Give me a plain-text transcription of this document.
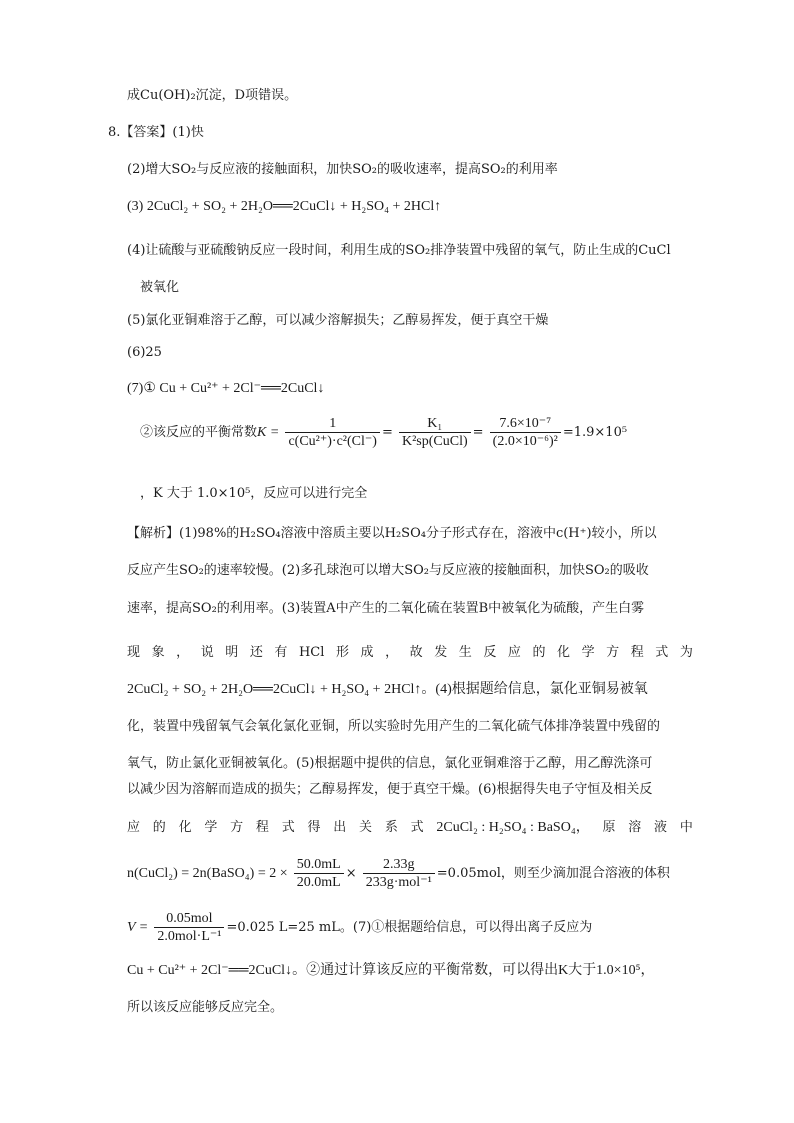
成Cu(OH)₂沉淀，D项错误。
8.【答案】(1)快
(2)增大SO₂与反应液的接触面积，加快SO₂的吸收速率，提高SO₂的利用率
(3) 2CuCl₂ + SO₂ + 2H₂O══2CuCl↓ + H₂SO₄ + 2HCl↑
(4)让硫酸与亚硫酸钠反应一段时间，利用生成的SO₂排净装置中残留的氧气，防止生成的CuCl
被氧化
(5)氯化亚铜难溶于乙醇，可以减少溶解损失；乙醇易挥发，便于真空干燥
(6)25
(7)① Cu + Cu²⁺ + 2Cl⁻══2CuCl↓
②该反应的平衡常数$K = \frac{1}{\text{c(Cu²⁺)·c²(Cl⁻)}} = \frac{\text{K₁}}{\text{K²sp(CuCl)}} = \frac{\text{7.6×10⁻⁷}}{\text{(2.0×10⁻⁶)²}} =1.9\times 10^5$
，K 大于 1.0×10⁵，反应可以进行完全
【解析】(1)98%的H₂SO₄溶液中溶质主要以H₂SO₄分子形式存在，溶液中c(H⁺)较小，所以
反应产生SO₂的速率较慢。(2)多孔球泡可以增大SO₂与反应液的接触面积，加快SO₂的吸收
速率，提高SO₂的利用率。(3)装置A中产生的二氧化硫在装置B中被氧化为硫酸，产生白雾
现 象 ， 说 明 还 有 HCl 形 成 ， 故 发 生 反 应 的 化 学 方 程 式 为
2CuCl₂ + SO₂ + 2H₂O══2CuCl↓ + H₂SO₄ + 2HCl↑。(4)根据题给信息，氯化亚铜易被氧
化，装置中残留氧气会氧化氯化亚铜，所以实验时先用产生的二氧化硫气体排净装置中残留的
氧气，防止氯化亚铜被氧化。(5)根据题中提供的信息，氯化亚铜难溶于乙醇，用乙醇洗涤可
以减少因为溶解而造成的损失；乙醇易挥发，便于真空干燥。(6)根据得失电子守恒及相关反
应 的 化 学 方 程 式 得 出 关 系 式 2CuCl₂ : H₂SO₄ : BaSO₄， 原 溶 液 中
n(CuCl₂) = 2n(BaSO₄) = $2 \times \frac{50.0mL}{20.0mL} \times \frac{2.33g}{\text{233g·mol⁻¹}} =0.05mol$，则至少滴加混合溶液的体积
$V = \frac{\text{0.05mol}}{\text{2.0mol·L⁻¹}} =0.025$ L=25 mL。(7)①根据题给信息，可以得出离子反应为
Cu + Cu²⁺ + 2Cl⁻══2CuCl↓。②通过计算该反应的平衡常数，可以得出K大于1.0×10⁵，
所以该反应能够反应完全。
